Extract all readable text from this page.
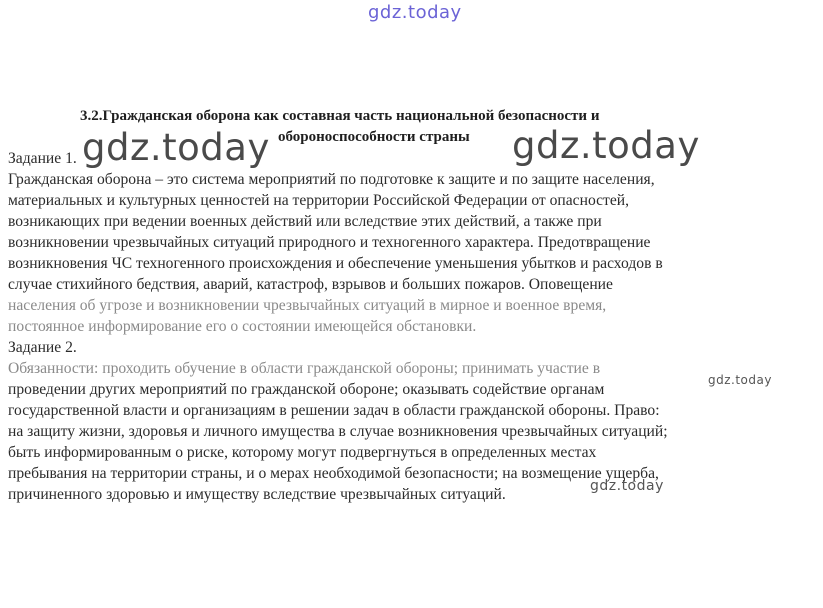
gdz.today
3.2.Гражданская оборона как составная часть национальной безопасности и
обороноспособности страны
Задание 1.
Гражданская оборона – это система мероприятий по подготовке к защите и по защите населения,
материальных и культурных ценностей на территории Российской Федерации от опасностей,
возникающих при ведении военных действий или вследствие этих действий, а также при
возникновении чрезвычайных ситуаций природного и техногенного характера. Предотвращение
возникновения ЧС техногенного происхождения и обеспечение уменьшения убытков и расходов в
случае стихийного бедствия, аварий, катастроф, взрывов и больших пожаров. Оповещение
населения об угрозе и возникновении чрезвычайных ситуаций в мирное и военное время,
постоянное информирование его о состоянии имеющейся обстановки.
Задание 2.
Обязанности: проходить обучение в области гражданской обороны; принимать участие в
проведении других мероприятий по гражданской обороне; оказывать содействие органам
государственной власти и организациям в решении задач в области гражданской обороны. Право:
на защиту жизни, здоровья и личного имущества в случае возникновения чрезвычайных ситуаций;
быть информированным о риске, которому могут подвергнуться в определенных местах
пребывания на территории страны, и о мерах необходимой безопасности; на возмещение ущерба,
причиненного здоровью и имуществу вследствие чрезвычайных ситуаций.
gdz.today	gdz.today
gdz.today
gdz.today
